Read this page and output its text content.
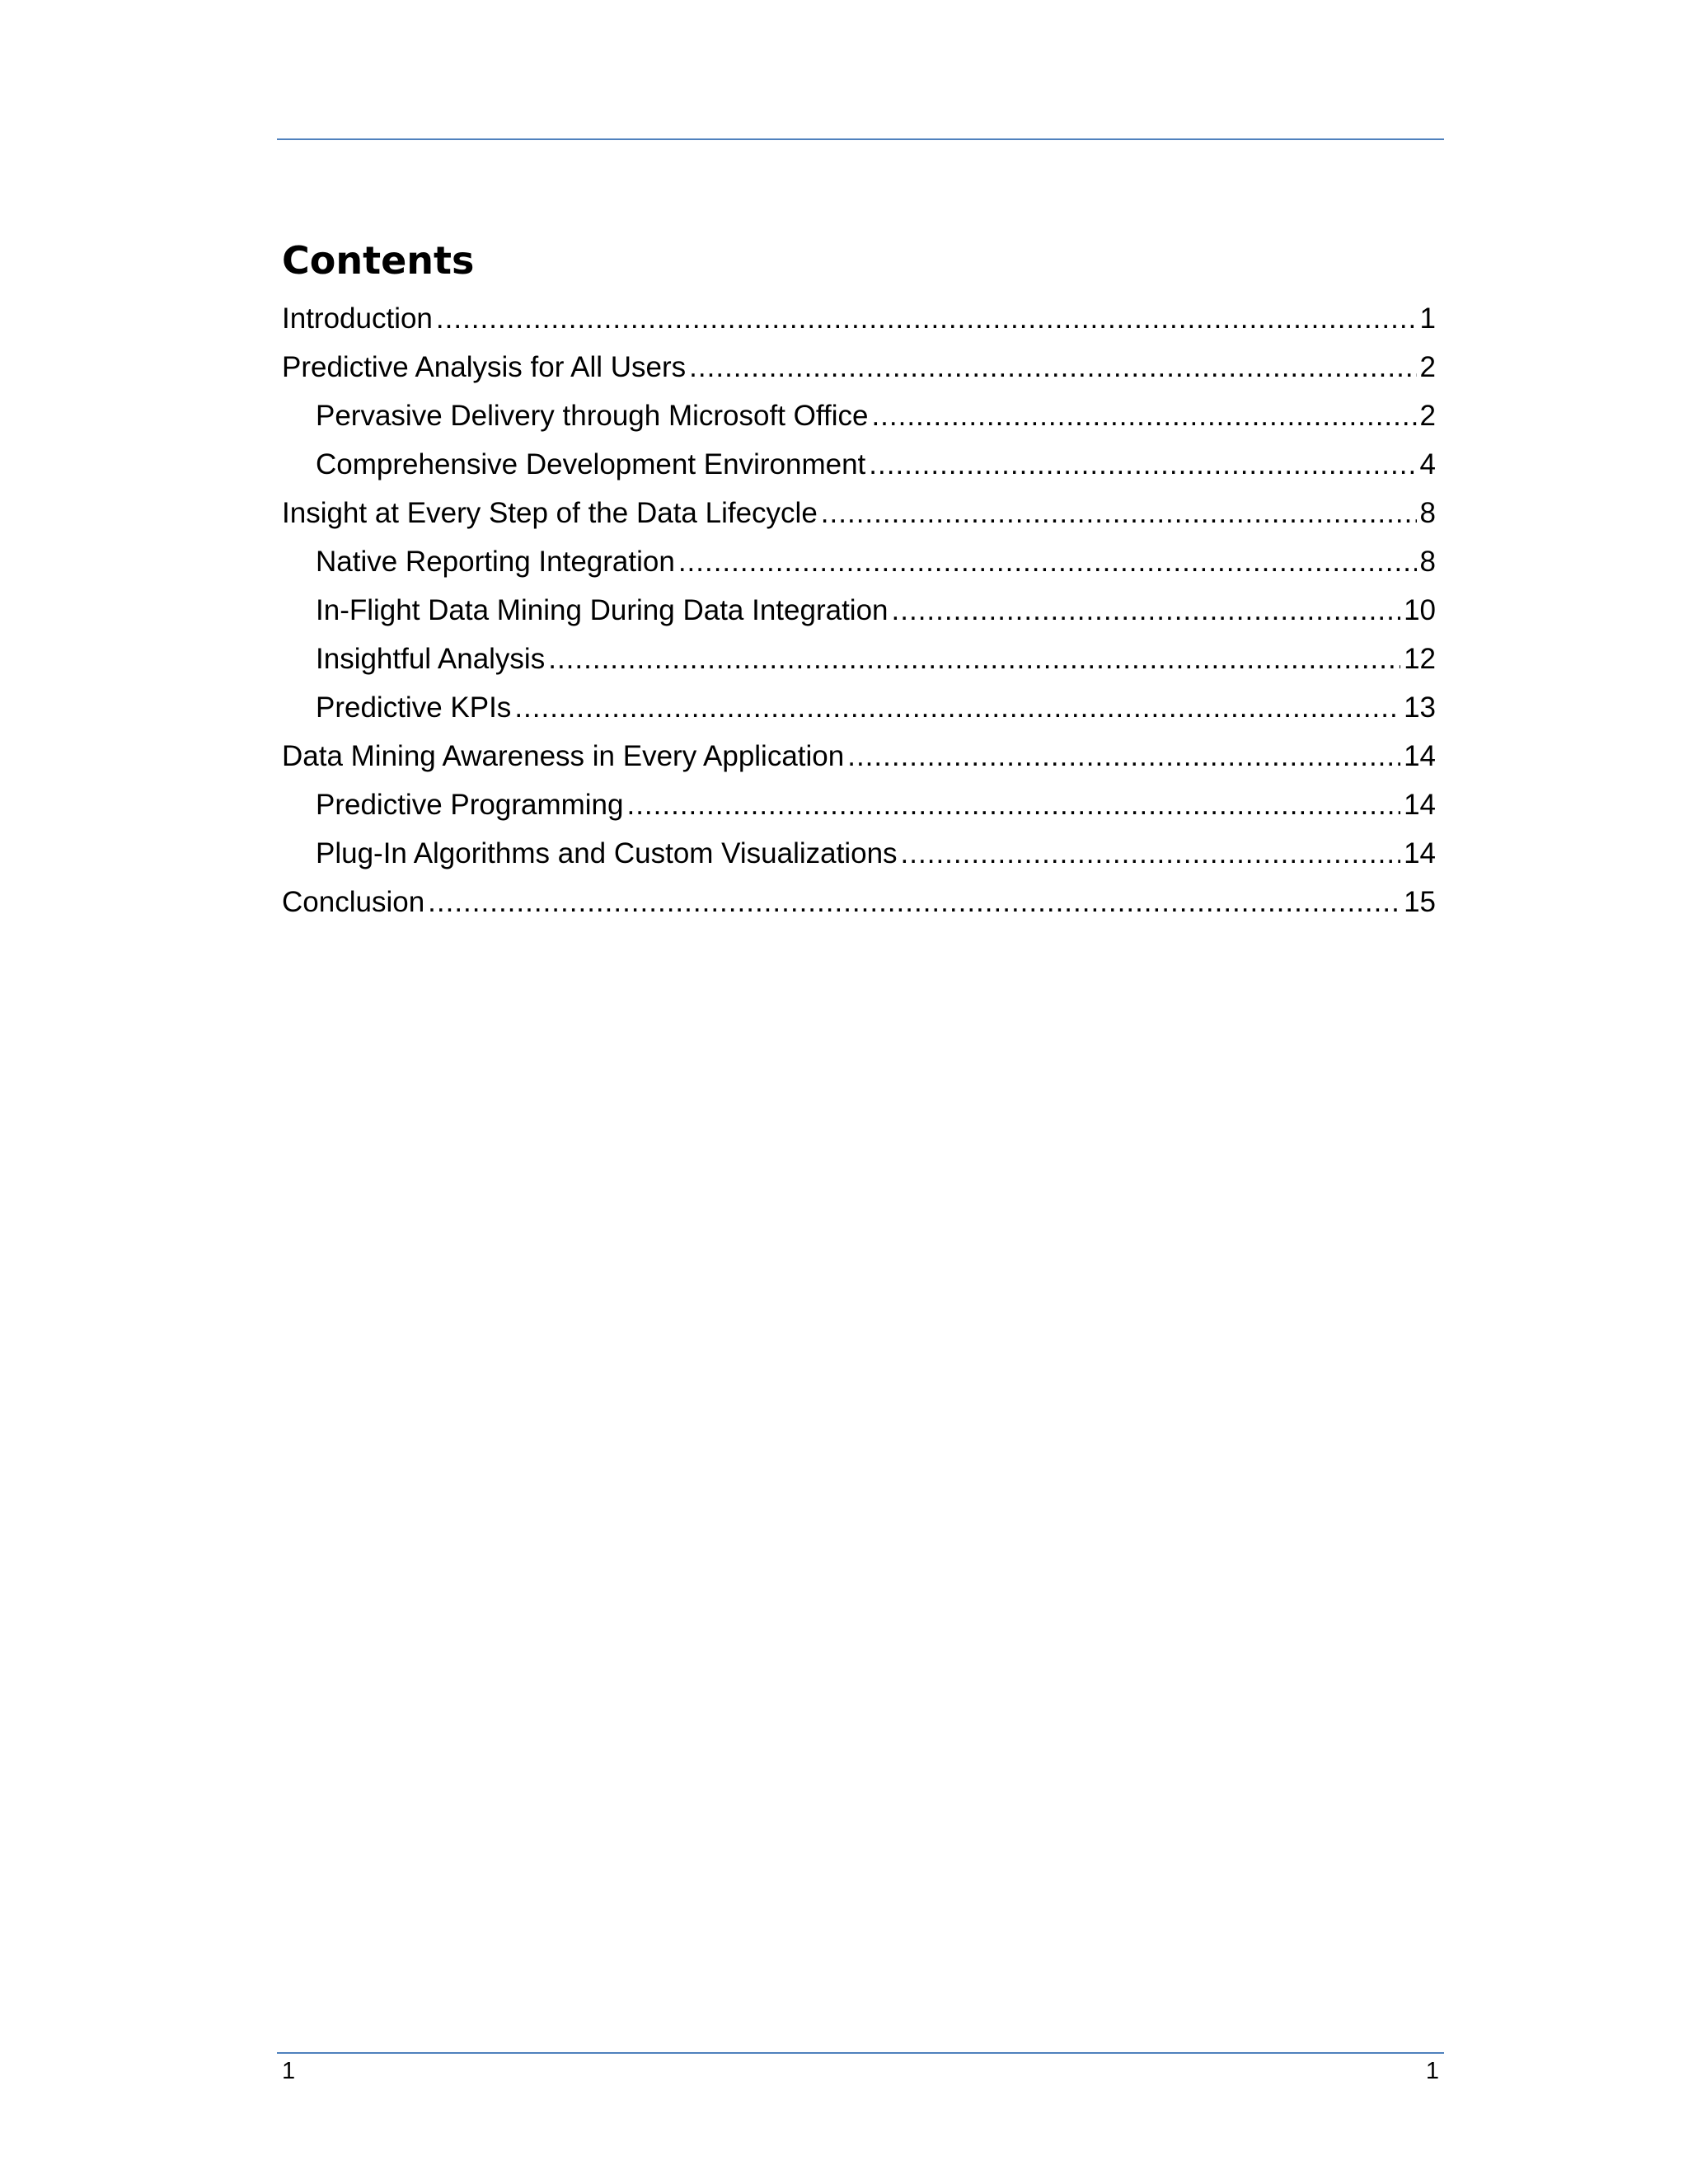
Contents
Introduction .....	1
Predictive Analysis for All Users .....	2
Pervasive Delivery through Microsoft Office .....	2
Comprehensive Development Environment .....	4
Insight at Every Step of the Data Lifecycle .....	8
Native Reporting Integration .....	8
In-Flight Data Mining During Data Integration .....	10
Insightful Analysis .....	12
Predictive KPIs .....	13
Data Mining Awareness in Every Application .....	14
Predictive Programming .....	14
Plug-In Algorithms and Custom Visualizations .....	14
Conclusion .....	15
1	1
